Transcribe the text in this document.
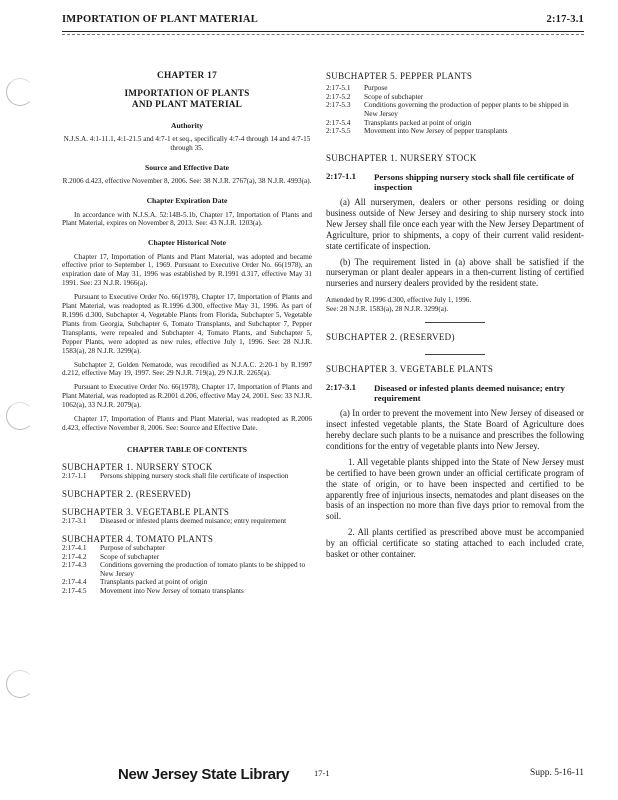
IMPORTATION OF PLANT MATERIAL	2:17-3.1
CHAPTER 17
IMPORTATION OF PLANTS
AND PLANT MATERIAL
Authority
N.J.S.A. 4:1-11.1, 4:1-21.5 and 4:7-1 et seq., specifically 4:7-4 through 14 and 4:7-15 through 35.
Source and Effective Date
R.2006 d.423, effective November 8, 2006. See: 38 N.J.R. 2767(a), 38 N.J.R. 4993(a).
Chapter Expiration Date
In accordance with N.J.S.A. 52:14B-5.1b, Chapter 17, Importation of Plants and Plant Material, expires on November 8, 2013. See: 43 N.J.R. 1203(a).
Chapter Historical Note
Chapter 17, Importation of Plants and Plant Material, was adopted and became effective prior to September 1, 1969. Pursuant to Executive Order No. 66(1978), an expiration date of May 31, 1996 was established by R.1991 d.317, effective May 31 1991. See: 23 N.J.R. 1966(a).
Pursuant to Executive Order No. 66(1978), Chapter 17, Importation of Plants and Plant Material, was readopted as R.1996 d.300, effective May 31, 1996. As part of R.1996 d.300, Subchapter 4, Vegetable Plants from Florida, Subchapter 5, Vegetable Plants from Georgia, Subchapter 6, Tomato Transplants, and Subchapter 7, Pepper Transplants, were repealed and Subchapter 4, Tomato Plants, and Subchapter 5, Pepper Plants, were adopted as new rules, effective July 1, 1996. See: 28 N.J.R. 1583(a), 28 N.J.R. 3299(a).
Subchapter 2, Golden Nematode, was recodified as N.J.A.C. 2:20-1 by R.1997 d.212, effective May 19, 1997. See: 29 N.J.R. 719(a), 29 N.J.R. 2265(a).
Pursuant to Executive Order No. 66(1978), Chapter 17, Importation of Plants and Plant Material, was readopted as R.2001 d.206, effective May 24, 2001. See: 33 N.J.R. 1062(a), 33 N.J.R. 2079(a).
Chapter 17, Importation of Plants and Plant Material, was readopted as R.2006 d.423, effective November 8, 2006. See: Source and Effective Date.
CHAPTER TABLE OF CONTENTS
SUBCHAPTER 1. NURSERY STOCK
2:17-1.1	Persons shipping nursery stock shall file certificate of inspection
SUBCHAPTER 2. (RESERVED)
SUBCHAPTER 3. VEGETABLE PLANTS
2:17-3.1	Diseased or infested plants deemed nuisance; entry requirement
SUBCHAPTER 4. TOMATO PLANTS
2:17-4.1	Purpose of subchapter
2:17-4.2	Scope of subchapter
2:17-4.3	Conditions governing the production of tomato plants to be shipped to New Jersey
2:17-4.4	Transplants packed at point of origin
2:17-4.5	Movement into New Jersey of tomato transplants
SUBCHAPTER 5. PEPPER PLANTS
2:17-5.1	Purpose
2:17-5.2	Scope of subchapter
2:17-5.3	Conditions governing the production of pepper plants to be shipped in New Jersey
2:17-5.4	Transplants packed at point of origin
2:17-5.5	Movement into New Jersey of pepper transplants
SUBCHAPTER 1. NURSERY STOCK
2:17-1.1	Persons shipping nursery stock shall file certificate of inspection
(a) All nurserymen, dealers or other persons residing or doing business outside of New Jersey and desiring to ship nursery stock into New Jersey shall file once each year with the New Jersey Department of Agriculture, prior to shipments, a copy of their current valid resident-state certificate of inspection.
(b) The requirement listed in (a) above shall be satisfied if the nurseryman or plant dealer appears in a then-current listing of certified nurseries and nursery dealers provided by the resident state.
Amended by R.1996 d.300, effective July 1, 1996.
See: 28 N.J.R. 1583(a), 28 N.J.R. 3299(a).
SUBCHAPTER 2. (RESERVED)
SUBCHAPTER 3. VEGETABLE PLANTS
2:17-3.1	Diseased or infested plants deemed nuisance; entry requirement
(a) In order to prevent the movement into New Jersey of diseased or insect infested vegetable plants, the State Board of Agriculture does hereby declare such plants to be a nuisance and prescribes the following conditions for the entry of vegetable plants into New Jersey.
1. All vegetable plants shipped into the State of New Jersey must be certified to have been grown under an official certificate program of the state of origin, or to have been inspected and certified to be apparently free of injurious insects, nematodes and plant diseases on the basis of an inspection no more than five days prior to removal from the soil.
2. All plants certified as prescribed above must be accompanied by an official certificate so stating attached to each included crate, basket or other container.
New Jersey State Library	17-1	Supp. 5-16-11
